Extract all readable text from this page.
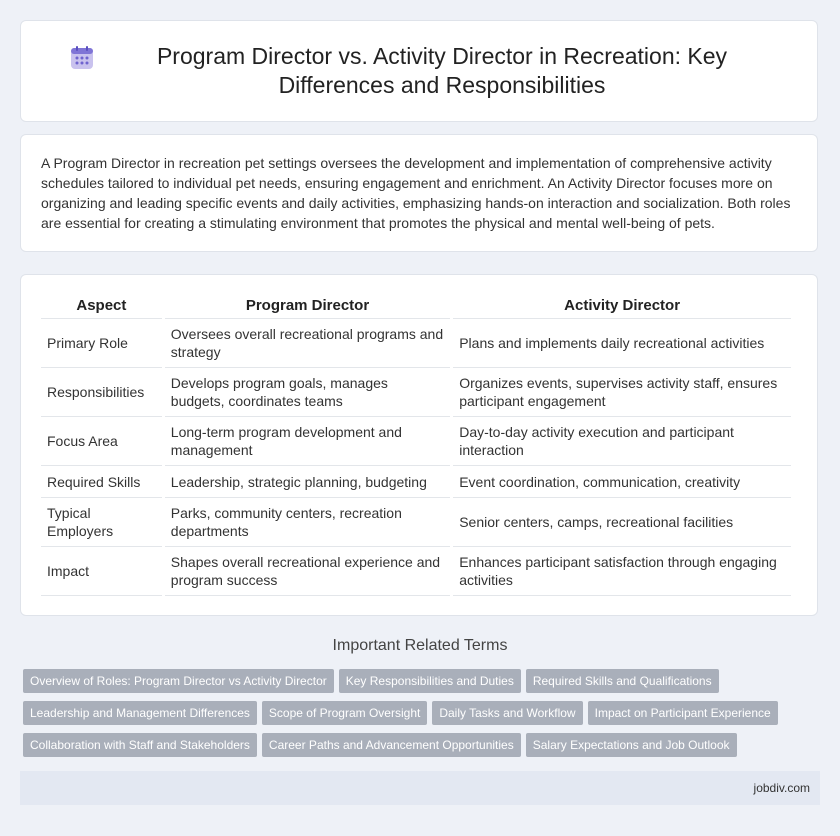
Program Director vs. Activity Director in Recreation: Key Differences and Responsibilities

A Program Director in recreation pet settings oversees the development and implementation of comprehensive activity schedules tailored to individual pet needs, ensuring engagement and enrichment. An Activity Director focuses more on organizing and leading specific events and daily activities, emphasizing hands-on interaction and socialization. Both roles are essential for creating a stimulating environment that promotes the physical and mental well-being of pets.

Aspect	Program Director	Activity Director
Primary Role	Oversees overall recreational programs and strategy	Plans and implements daily recreational activities
Responsibilities	Develops program goals, manages budgets, coordinates teams	Organizes events, supervises activity staff, ensures participant engagement
Focus Area	Long-term program development and management	Day-to-day activity execution and participant interaction
Required Skills	Leadership, strategic planning, budgeting	Event coordination, communication, creativity
Typical Employers	Parks, community centers, recreation departments	Senior centers, camps, recreational facilities
Impact	Shapes overall recreational experience and program success	Enhances participant satisfaction through engaging activities
Important Related Terms
Overview of Roles: Program Director vs Activity Director Key Responsibilities and Duties Required Skills and Qualifications
Leadership and Management Differences Scope of Program Oversight Daily Tasks and Workflow Impact on Participant Experience
Collaboration with Staff and Stakeholders Career Paths and Advancement Opportunities Salary Expectations and Job Outlook
jobdiv.com
